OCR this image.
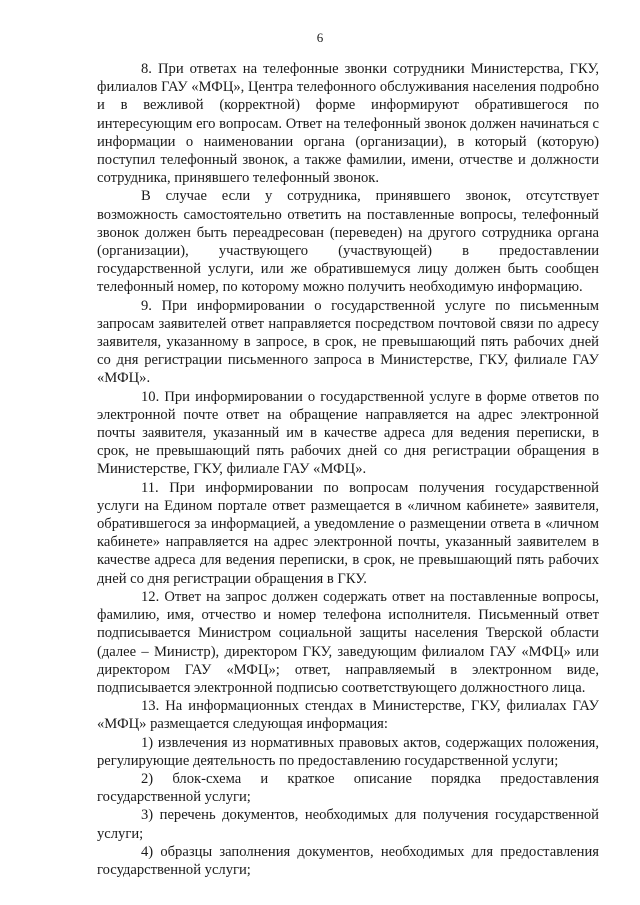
6

8. При ответах на телефонные звонки сотрудники Министерства, ГКУ, филиалов ГАУ «МФЦ», Центра телефонного обслуживания населения подробно и в вежливой (корректной) форме информируют обратившегося по интересующим его вопросам. Ответ на телефонный звонок должен начинаться с информации о наименовании органа (организации), в который (которую) поступил телефонный звонок, а также фамилии, имени, отчестве и должности сотрудника, принявшего телефонный звонок.

В случае если у сотрудника, принявшего звонок, отсутствует возможность самостоятельно ответить на поставленные вопросы, телефонный звонок должен быть переадресован (переведен) на другого сотрудника органа (организации), участвующего (участвующей) в предоставлении государственной услуги, или же обратившемуся лицу должен быть сообщен телефонный номер, по которому можно получить необходимую информацию.

9. При информировании о государственной услуге по письменным запросам заявителей ответ направляется посредством почтовой связи по адресу заявителя, указанному в запросе, в срок, не превышающий пять рабочих дней со дня регистрации письменного запроса в Министерстве, ГКУ, филиале ГАУ «МФЦ».

10. При информировании о государственной услуге в форме ответов по электронной почте ответ на обращение направляется на адрес электронной почты заявителя, указанный им в качестве адреса для ведения переписки, в срок, не превышающий пять рабочих дней со дня регистрации обращения в Министерстве, ГКУ, филиале ГАУ «МФЦ».

11. При информировании по вопросам получения государственной услуги на Едином портале ответ размещается в «личном кабинете» заявителя, обратившегося за информацией, а уведомление о размещении ответа в «личном кабинете» направляется на адрес электронной почты, указанный заявителем в качестве адреса для ведения переписки, в срок, не превышающий пять рабочих дней со дня регистрации обращения в ГКУ.

12. Ответ на запрос должен содержать ответ на поставленные вопросы, фамилию, имя, отчество и номер телефона исполнителя. Письменный ответ подписывается Министром социальной защиты населения Тверской области (далее – Министр), директором ГКУ, заведующим филиалом ГАУ «МФЦ» или директором ГАУ «МФЦ»; ответ, направляемый в электронном виде, подписывается электронной подписью соответствующего должностного лица.

13. На информационных стендах в Министерстве, ГКУ, филиалах ГАУ «МФЦ» размещается следующая информация:

1) извлечения из нормативных правовых актов, содержащих положения, регулирующие деятельность по предоставлению государственной услуги;

2) блок-схема и краткое описание порядка предоставления государственной услуги;

3) перечень документов, необходимых для получения государственной услуги;

4) образцы заполнения документов, необходимых для предоставления государственной услуги;
